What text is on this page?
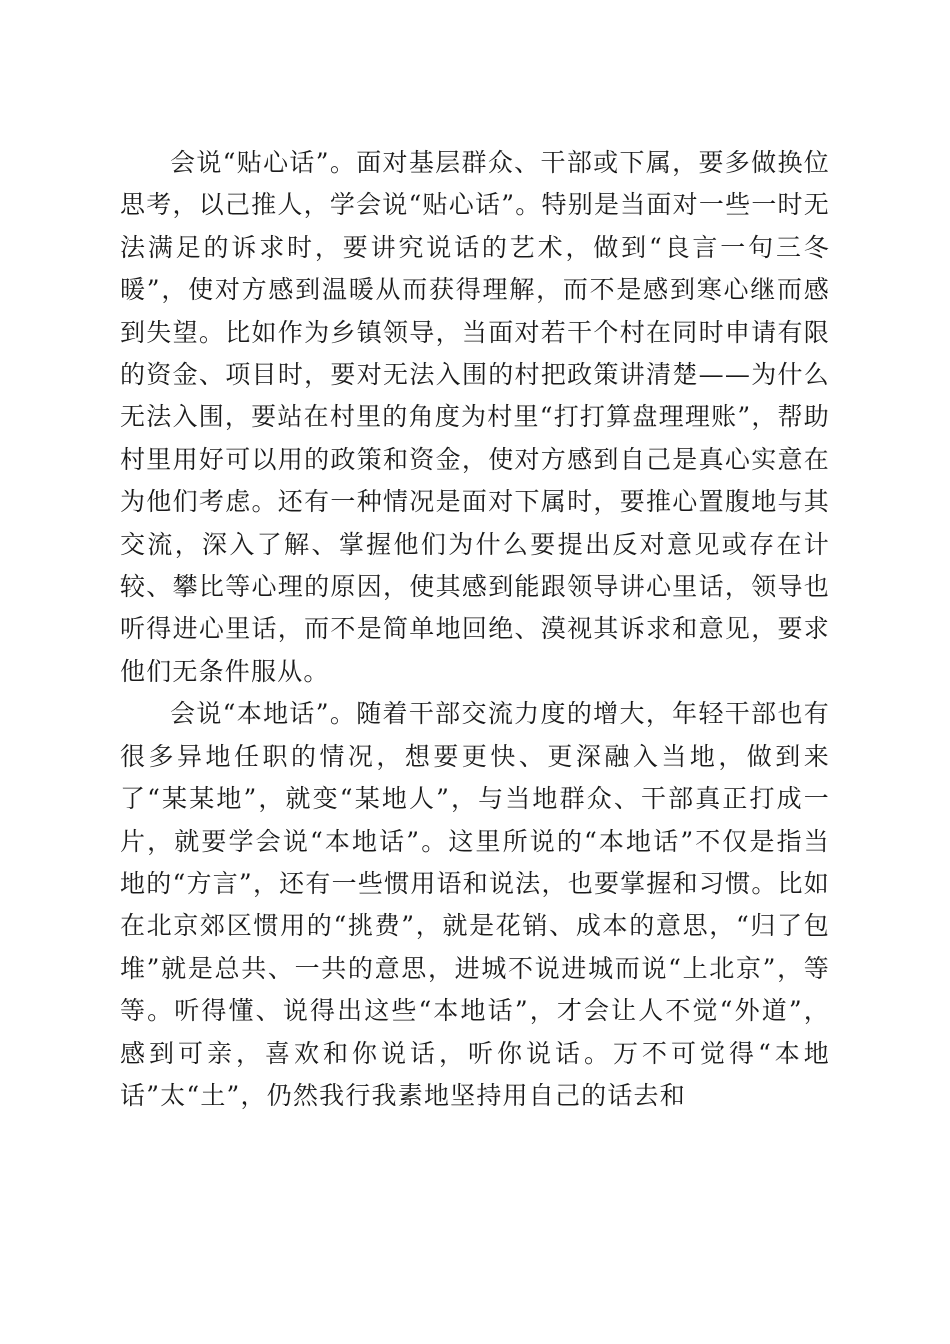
会说“贴心话”。面对基层群众、干部或下属，要多做换位思考，以己推人，学会说“贴心话”。特别是当面对一些一时无法满足的诉求时，要讲究说话的艺术，做到“良言一句三冬暖”，使对方感到温暖从而获得理解，而不是感到寒心继而感到失望。比如作为乡镇领导，当面对若干个村在同时申请有限的资金、项目时，要对无法入围的村把政策讲清楚——为什么无法入围，要站在村里的角度为村里“打打算盘理理账”，帮助村里用好可以用的政策和资金，使对方感到自己是真心实意在为他们考虑。还有一种情况是面对下属时，要推心置腹地与其交流，深入了解、掌握他们为什么要提出反对意见或存在计较、攀比等心理的原因，使其感到能跟领导讲心里话，领导也听得进心里话，而不是简单地回绝、漠视其诉求和意见，要求他们无条件服从。

会说“本地话”。随着干部交流力度的增大，年轻干部也有很多异地任职的情况，想要更快、更深融入当地，做到来了“某某地”，就变“某地人”，与当地群众、干部真正打成一片，就要学会说“本地话”。这里所说的“本地话”不仅是指当地的“方言”，还有一些惯用语和说法，也要掌握和习惯。比如在北京郊区惯用的“挑费”，就是花销、成本的意思，“归了包堆”就是总共、一共的意思，进城不说进城而说“上北京”，等等。听得懂、说得出这些“本地话”，才会让人不觉“外道”，感到可亲，喜欢和你说话，听你说话。万不可觉得“本地话”太“土”，仍然我行我素地坚持用自己的话去和
